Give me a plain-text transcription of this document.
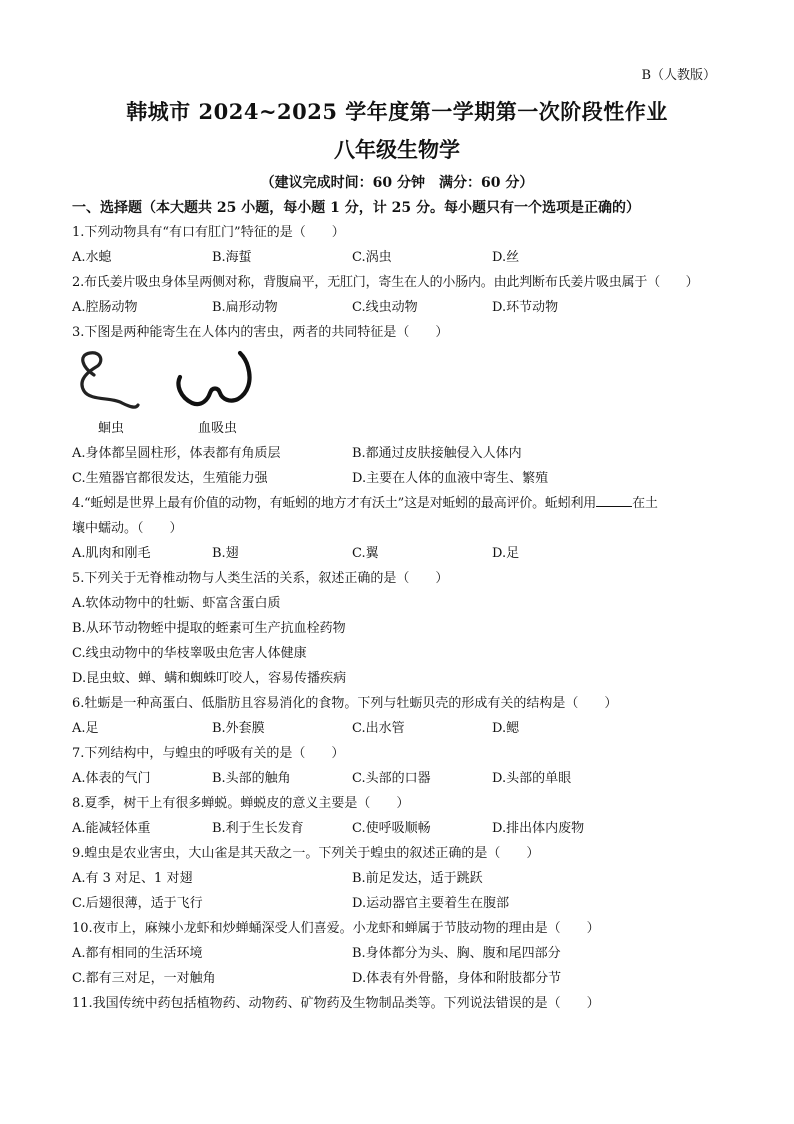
B（人教版）
韩城市 2024~2025 学年度第一学期第一次阶段性作业
八年级生物学
（建议完成时间：60 分钟　满分：60 分）
一、选择题（本大题共 25 小题，每小题 1 分，计 25 分。每小题只有一个选项是正确的）
1.下列动物具有“有口有肛门”特征的是（　　）
A.水螅	B.海蜇	C.涡虫	D.丝
2.布氏姜片吸虫身体呈两侧对称，背腹扁平，无肛门，寄生在人的小肠内。由此判断布氏姜片吸虫属于（　　）
A.腔肠动物	B.扁形动物	C.线虫动物	D.环节动物
3.下图是两种能寄生在人体内的害虫，两者的共同特征是（　　）
蛔虫	血吸虫
A.身体都呈圆柱形，体表都有角质层	B.都通过皮肤接触侵入人体内
C.生殖器官都很发达，生殖能力强	D.主要在人体的血液中寄生、繁殖
4.“蚯蚓是世界上最有价值的动物，有蚯蚓的地方才有沃土”这是对蚯蚓的最高评价。蚯蚓利用	在土
壤中蠕动。（　　）
A.肌肉和刚毛	B.翅	C.翼	D.足
5.下列关于无脊椎动物与人类生活的关系，叙述正确的是（　　）
A.软体动物中的牡蛎、虾富含蛋白质
B.从环节动物蛭中提取的蛭素可生产抗血栓药物
C.线虫动物中的华枝睾吸虫危害人体健康
D.昆虫蚊、蝉、螨和蜘蛛叮咬人，容易传播疾病
6.牡蛎是一种高蛋白、低脂肪且容易消化的食物。下列与牡蛎贝壳的形成有关的结构是（　　）
A.足	B.外套膜	C.出水管	D.鳃
7.下列结构中，与蝗虫的呼吸有关的是（　　）
A.体表的气门	B.头部的触角	C.头部的口器	D.头部的单眼
8.夏季，树干上有很多蝉蜕。蝉蜕皮的意义主要是（　　）
A.能减轻体重	B.利于生长发育	C.使呼吸顺畅	D.排出体内废物
9.蝗虫是农业害虫，大山雀是其天敌之一。下列关于蝗虫的叙述正确的是（　　）
A.有 3 对足、1 对翅	B.前足发达，适于跳跃
C.后翅很薄，适于飞行	D.运动器官主要着生在腹部
10.夜市上，麻辣小龙虾和炒蝉蛹深受人们喜爱。小龙虾和蝉属于节肢动物的理由是（　　）
A.都有相同的生活环境	B.身体都分为头、胸、腹和尾四部分
C.都有三对足，一对触角	D.体表有外骨骼，身体和附肢都分节
11.我国传统中药包括植物药、动物药、矿物药及生物制品类等。下列说法错误的是（　　）
